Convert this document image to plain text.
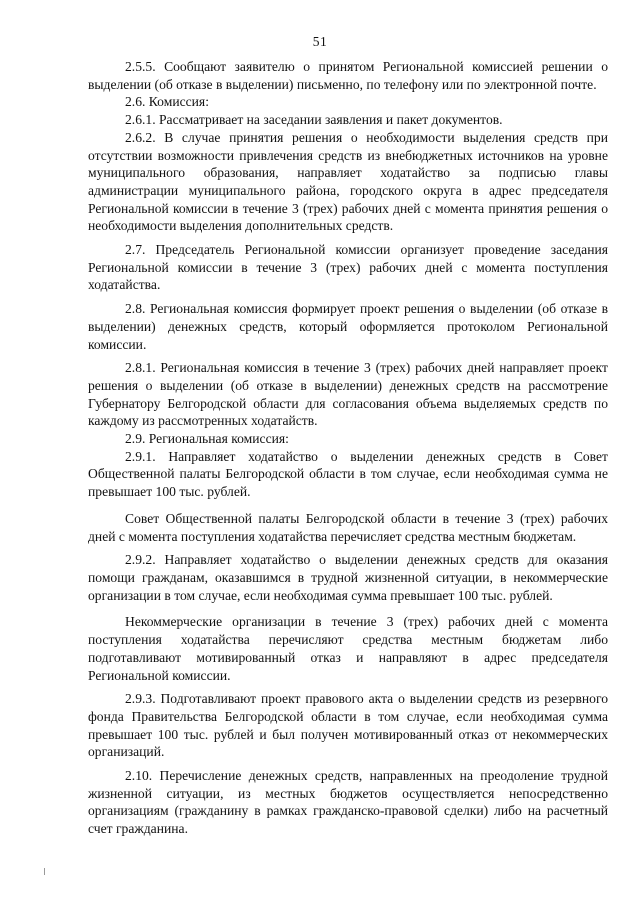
51

2.5.5. Сообщают заявителю о принятом Региональной комиссией решении о выделении (об отказе в выделении) письменно, по телефону или по электронной почте.

2.6. Комиссия:

2.6.1. Рассматривает на заседании заявления и пакет документов.

2.6.2. В случае принятия решения о необходимости выделения средств при отсутствии возможности привлечения средств из внебюджетных источников на уровне муниципального образования, направляет ходатайство за подписью главы администрации муниципального района, городского округа в адрес председателя Региональной комиссии в течение 3 (трех) рабочих дней с момента принятия решения о необходимости выделения дополнительных средств.

2.7. Председатель Региональной комиссии организует проведение заседания Региональной комиссии в течение 3 (трех) рабочих дней с момента поступления ходатайства.

2.8. Региональная комиссия формирует проект решения о выделении (об отказе в выделении) денежных средств, который оформляется протоколом Региональной комиссии.

2.8.1. Региональная комиссия в течение 3 (трех) рабочих дней направляет проект решения о выделении (об отказе в выделении) денежных средств на рассмотрение Губернатору Белгородской области для согласования объема выделяемых средств по каждому из рассмотренных ходатайств.

2.9. Региональная комиссия:

2.9.1. Направляет ходатайство о выделении денежных средств в Совет Общественной палаты Белгородской области в том случае, если необходимая сумма не превышает 100 тыс. рублей.

Совет Общественной палаты Белгородской области в течение 3 (трех) рабочих дней с момента поступления ходатайства перечисляет средства местным бюджетам.

2.9.2. Направляет ходатайство о выделении денежных средств для оказания помощи гражданам, оказавшимся в трудной жизненной ситуации, в некоммерческие организации в том случае, если необходимая сумма превышает 100 тыс. рублей.

Некоммерческие организации в течение 3 (трех) рабочих дней с момента поступления ходатайства перечисляют средства местным бюджетам либо подготавливают мотивированный отказ и направляют в адрес председателя Региональной комиссии.

2.9.3. Подготавливают проект правового акта о выделении средств из резервного фонда Правительства Белгородской области в том случае, если необходимая сумма превышает 100 тыс. рублей и был получен мотивированный отказ от некоммерческих организаций.

2.10. Перечисление денежных средств, направленных на преодоление трудной жизненной ситуации, из местных бюджетов осуществляется непосредственно организациям (гражданину в рамках гражданско-правовой сделки) либо на расчетный счет гражданина.
